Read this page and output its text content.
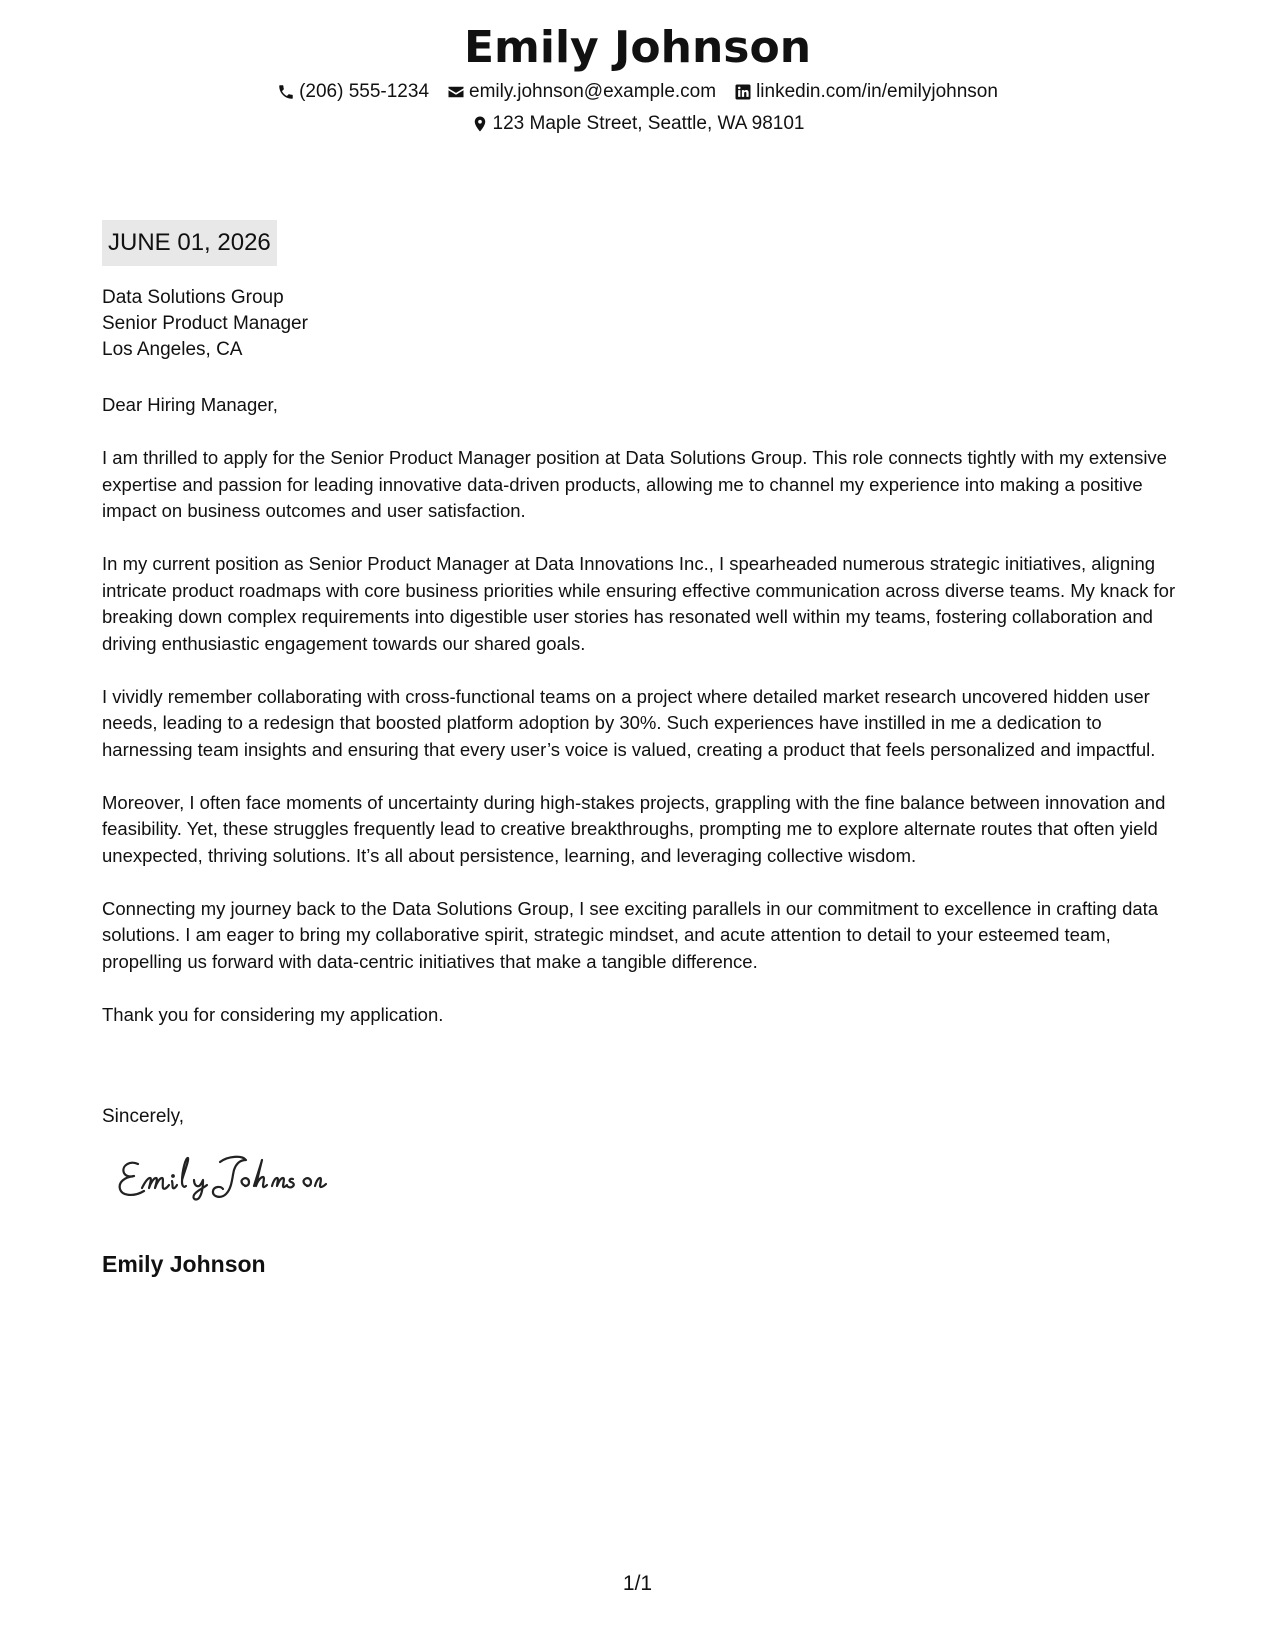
Emily Johnson
(206) 555-1234 emily.johnson@example.com linkedin.com/in/emilyjohnson
123 Maple Street, Seattle, WA 98101
JUNE 01, 2026
Data Solutions Group
Senior Product Manager
Los Angeles, CA

Dear Hiring Manager,

I am thrilled to apply for the Senior Product Manager position at Data Solutions Group. This role connects tightly with my extensive expertise and passion for leading innovative data-driven products, allowing me to channel my experience into making a positive impact on business outcomes and user satisfaction.

In my current position as Senior Product Manager at Data Innovations Inc., I spearheaded numerous strategic initiatives, aligning intricate product roadmaps with core business priorities while ensuring effective communication across diverse teams. My knack for breaking down complex requirements into digestible user stories has resonated well within my teams, fostering collaboration and driving enthusiastic engagement towards our shared goals.

I vividly remember collaborating with cross-functional teams on a project where detailed market research uncovered hidden user needs, leading to a redesign that boosted platform adoption by 30%. Such experiences have instilled in me a dedication to harnessing team insights and ensuring that every user’s voice is valued, creating a product that feels personalized and impactful.

Moreover, I often face moments of uncertainty during high-stakes projects, grappling with the fine balance between innovation and feasibility. Yet, these struggles frequently lead to creative breakthroughs, prompting me to explore alternate routes that often yield unexpected, thriving solutions. It’s all about persistence, learning, and leveraging collective wisdom.

Connecting my journey back to the Data Solutions Group, I see exciting parallels in our commitment to excellence in crafting data solutions. I am eager to bring my collaborative spirit, strategic mindset, and acute attention to detail to your esteemed team, propelling us forward with data-centric initiatives that make a tangible difference.

Thank you for considering my application.

Sincerely,
Emily Johnson
1/1
